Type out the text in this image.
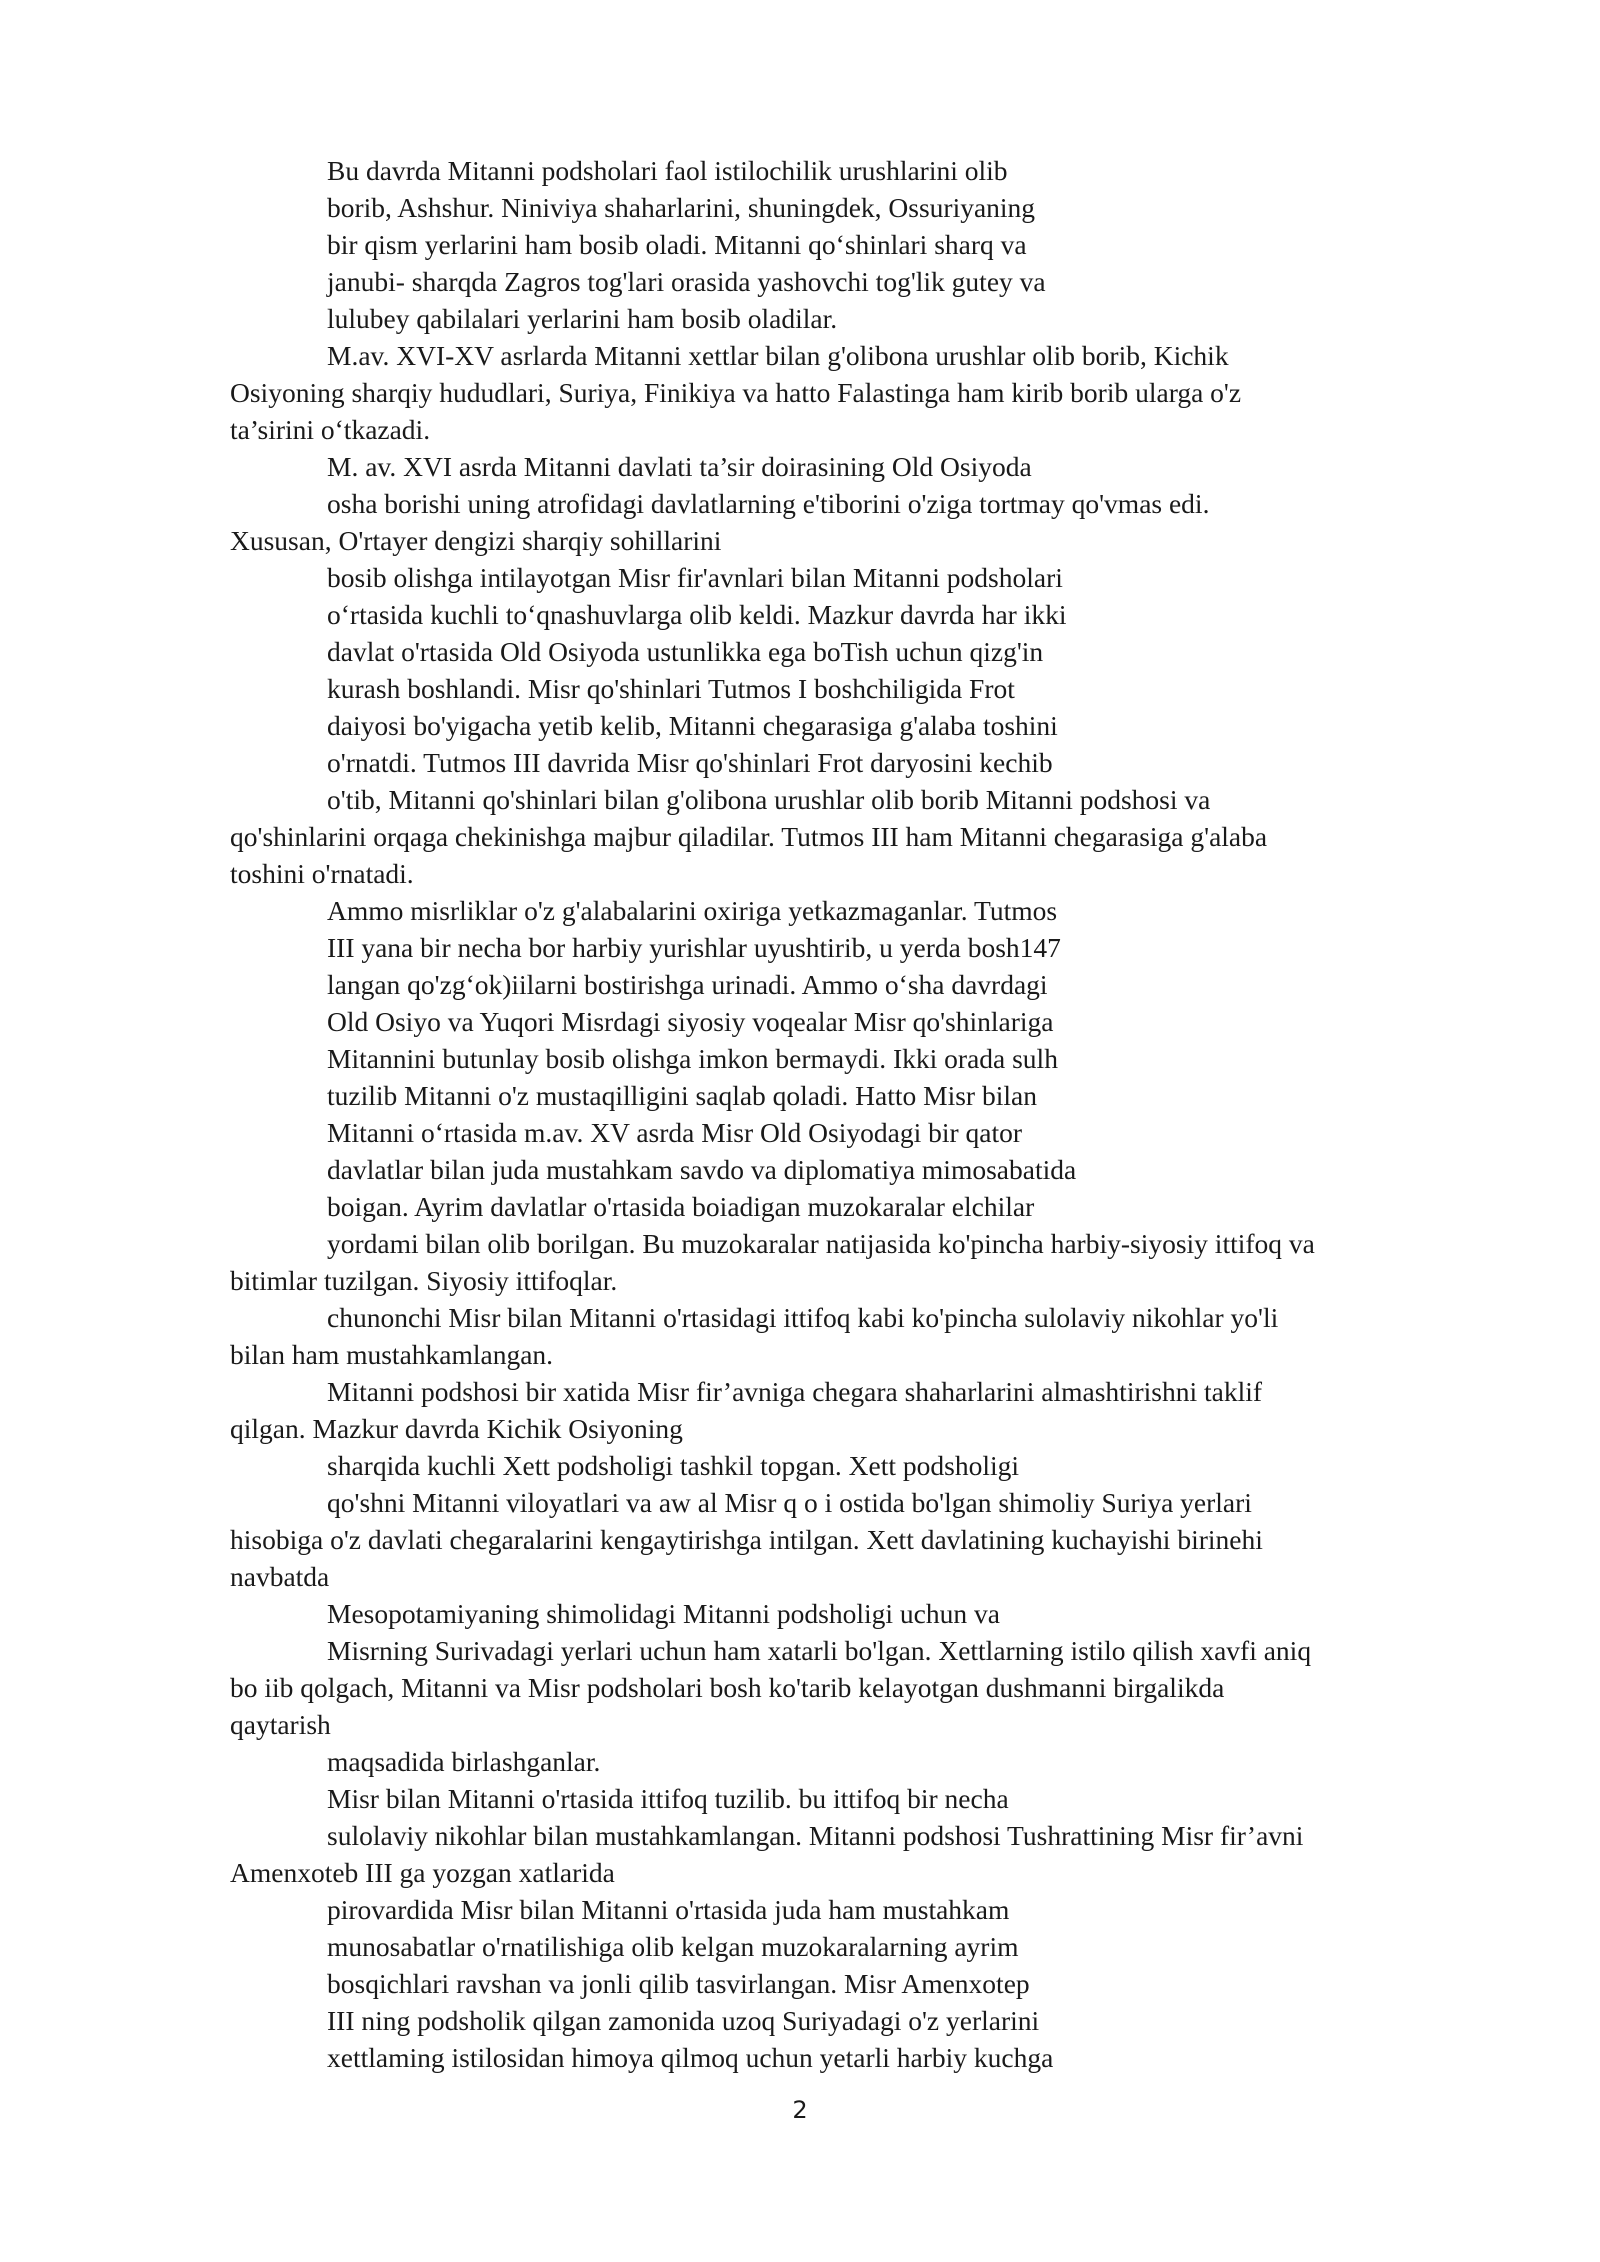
Bu davrda Mitanni podsholari faol istilochilik urushlarini olib
borib, Ashshur. Niniviya shaharlarini, shuningdek, Ossuriyaning
bir qism yerlarini ham bosib oladi. Mitanni qo‘shinlari sharq va
janubi- sharqda Zagros tog'lari orasida yashovchi tog'lik gutey va
lulubey qabilalari yerlarini ham bosib oladilar.
M.av. XVI-XV asrlarda Mitanni xettlar bilan g'olibona urushlar olib borib, Kichik
Osiyoning sharqiy hududlari, Suriya, Finikiya va hatto Falastinga ham kirib borib ularga o'z
ta’sirini o‘tkazadi.
M. av. XVI asrda Mitanni davlati ta’sir doirasining Old Osiyoda
osha borishi uning atrofidagi davlatlarning e'tiborini o'ziga tortmay qo'vmas edi.
Xususan, O'rtayer dengizi sharqiy sohillarini
bosib olishga intilayotgan Misr fir'avnlari bilan Mitanni podsholari
o‘rtasida kuchli to‘qnashuvlarga olib keldi. Mazkur davrda har ikki
davlat o'rtasida Old Osiyoda ustunlikka ega boTish uchun qizg'in
kurash boshlandi. Misr qo'shinlari Tutmos I boshchiligida Frot
daiyosi bo'yigacha yetib kelib, Mitanni chegarasiga g'alaba toshini
o'rnatdi. Tutmos III davrida Misr qo'shinlari Frot daryosini kechib
o'tib, Mitanni qo'shinlari bilan g'olibona urushlar olib borib Mitanni podshosi va
qo'shinlarini orqaga chekinishga majbur qiladilar. Tutmos III ham Mitanni chegarasiga g'alaba
toshini o'rnatadi.
Ammo misrliklar o'z g'alabalarini oxiriga yetkazmaganlar. Tutmos
III yana bir necha bor harbiy yurishlar uyushtirib, u yerda bosh147
langan qo'zg‘ok)iilarni bostirishga urinadi. Ammo o‘sha davrdagi
Old Osiyo va Yuqori Misrdagi siyosiy voqealar Misr qo'shinlariga
Mitannini butunlay bosib olishga imkon bermaydi. Ikki orada sulh
tuzilib Mitanni o'z mustaqilligini saqlab qoladi. Hatto Misr bilan
Mitanni o‘rtasida m.av. XV asrda Misr Old Osiyodagi bir qator
davlatlar bilan juda mustahkam savdo va diplomatiya mimosabatida
boigan. Ayrim davlatlar o'rtasida boiadigan muzokaralar elchilar
yordami bilan olib borilgan. Bu muzokaralar natijasida ko'pincha harbiy-siyosiy ittifoq va
bitimlar tuzilgan. Siyosiy ittifoqlar.
chunonchi Misr bilan Mitanni o'rtasidagi ittifoq kabi ko'pincha sulolaviy nikohlar yo'li
bilan ham mustahkamlangan.
Mitanni podshosi bir xatida Misr fir’avniga chegara shaharlarini almashtirishni taklif
qilgan. Mazkur davrda Kichik Osiyoning
sharqida kuchli Xett podsholigi tashkil topgan. Xett podsholigi
qo'shni Mitanni viloyatlari va aw al Misr q o i ostida bo'lgan shimoliy Suriya yerlari
hisobiga o'z davlati chegaralarini kengaytirishga intilgan. Xett davlatining kuchayishi birinehi
navbatda
Mesopotamiyaning shimolidagi Mitanni podsholigi uchun va
Misrning Surivadagi yerlari uchun ham xatarli bo'lgan. Xettlarning istilo qilish xavfi aniq
bo iib qolgach, Mitanni va Misr podsholari bosh ko'tarib kelayotgan dushmanni birgalikda
qaytarish
maqsadida birlashganlar.
Misr bilan Mitanni o'rtasida ittifoq tuzilib. bu ittifoq bir necha
sulolaviy nikohlar bilan mustahkamlangan. Mitanni podshosi Tushrattining Misr fir’avni
Amenxoteb III ga yozgan xatlarida
pirovardida Misr bilan Mitanni o'rtasida juda ham mustahkam
munosabatlar o'rnatilishiga olib kelgan muzokaralarning ayrim
bosqichlari ravshan va jonli qilib tasvirlangan. Misr Amenxotep
III ning podsholik qilgan zamonida uzoq Suriyadagi o'z yerlarini
xettlaming istilosidan himoya qilmoq uchun yetarli harbiy kuchga
2
